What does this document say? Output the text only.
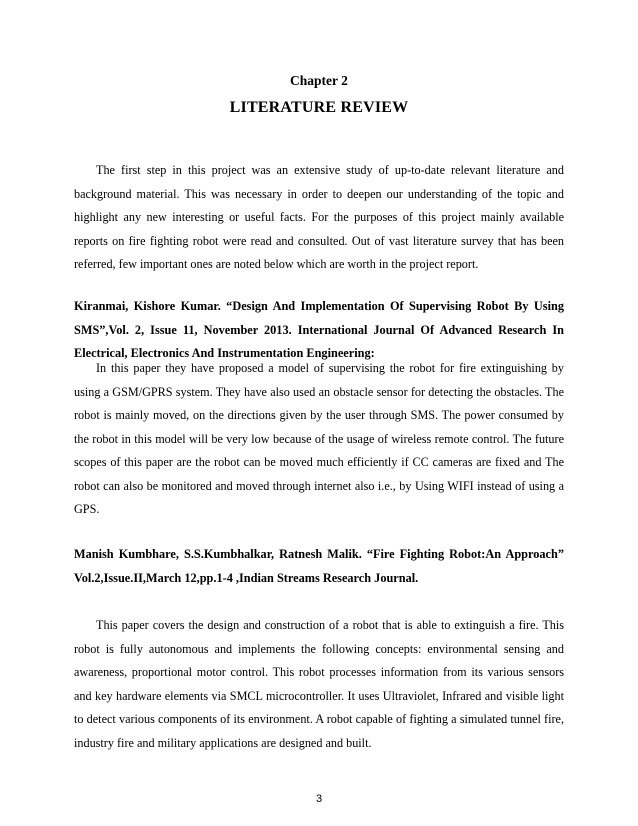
Chapter 2
LITERATURE REVIEW

The first step in this project was an extensive study of up-to-date relevant literature and background material. This was necessary in order to deepen our understanding of the topic and highlight any new interesting or useful facts. For the purposes of this project mainly available reports on fire fighting robot were read and consulted. Out of vast literature survey that has been referred, few important ones are noted below which are worth in the project report.

Kiranmai, Kishore Kumar. “Design And Implementation Of Supervising Robot By Using SMS”,Vol. 2, Issue 11, November 2013. International Journal Of Advanced Research In Electrical, Electronics And Instrumentation Engineering:

In this paper they have proposed a model of supervising the robot for fire extinguishing by using a GSM/GPRS system. They have also used an obstacle sensor for detecting the obstacles. The robot is mainly moved, on the directions given by the user through SMS. The power consumed by the robot in this model will be very low because of the usage of wireless remote control. The future scopes of this paper are the robot can be moved much efficiently if CC cameras are fixed and The robot can also be monitored and moved through internet also i.e., by Using WIFI instead of using a GPS.

Manish Kumbhare, S.S.Kumbhalkar, Ratnesh Malik. “Fire Fighting Robot:An Approach” Vol.2,Issue.II,March 12,pp.1-4 ,Indian Streams Research Journal.

This paper covers the design and construction of a robot that is able to extinguish a fire. This robot is fully autonomous and implements the following concepts: environmental sensing and awareness, proportional motor control. This robot processes information from its various sensors and key hardware elements via SMCL microcontroller. It uses Ultraviolet, Infrared and visible light to detect various components of its environment. A robot capable of fighting a simulated tunnel fire, industry fire and military applications are designed and built.

3
